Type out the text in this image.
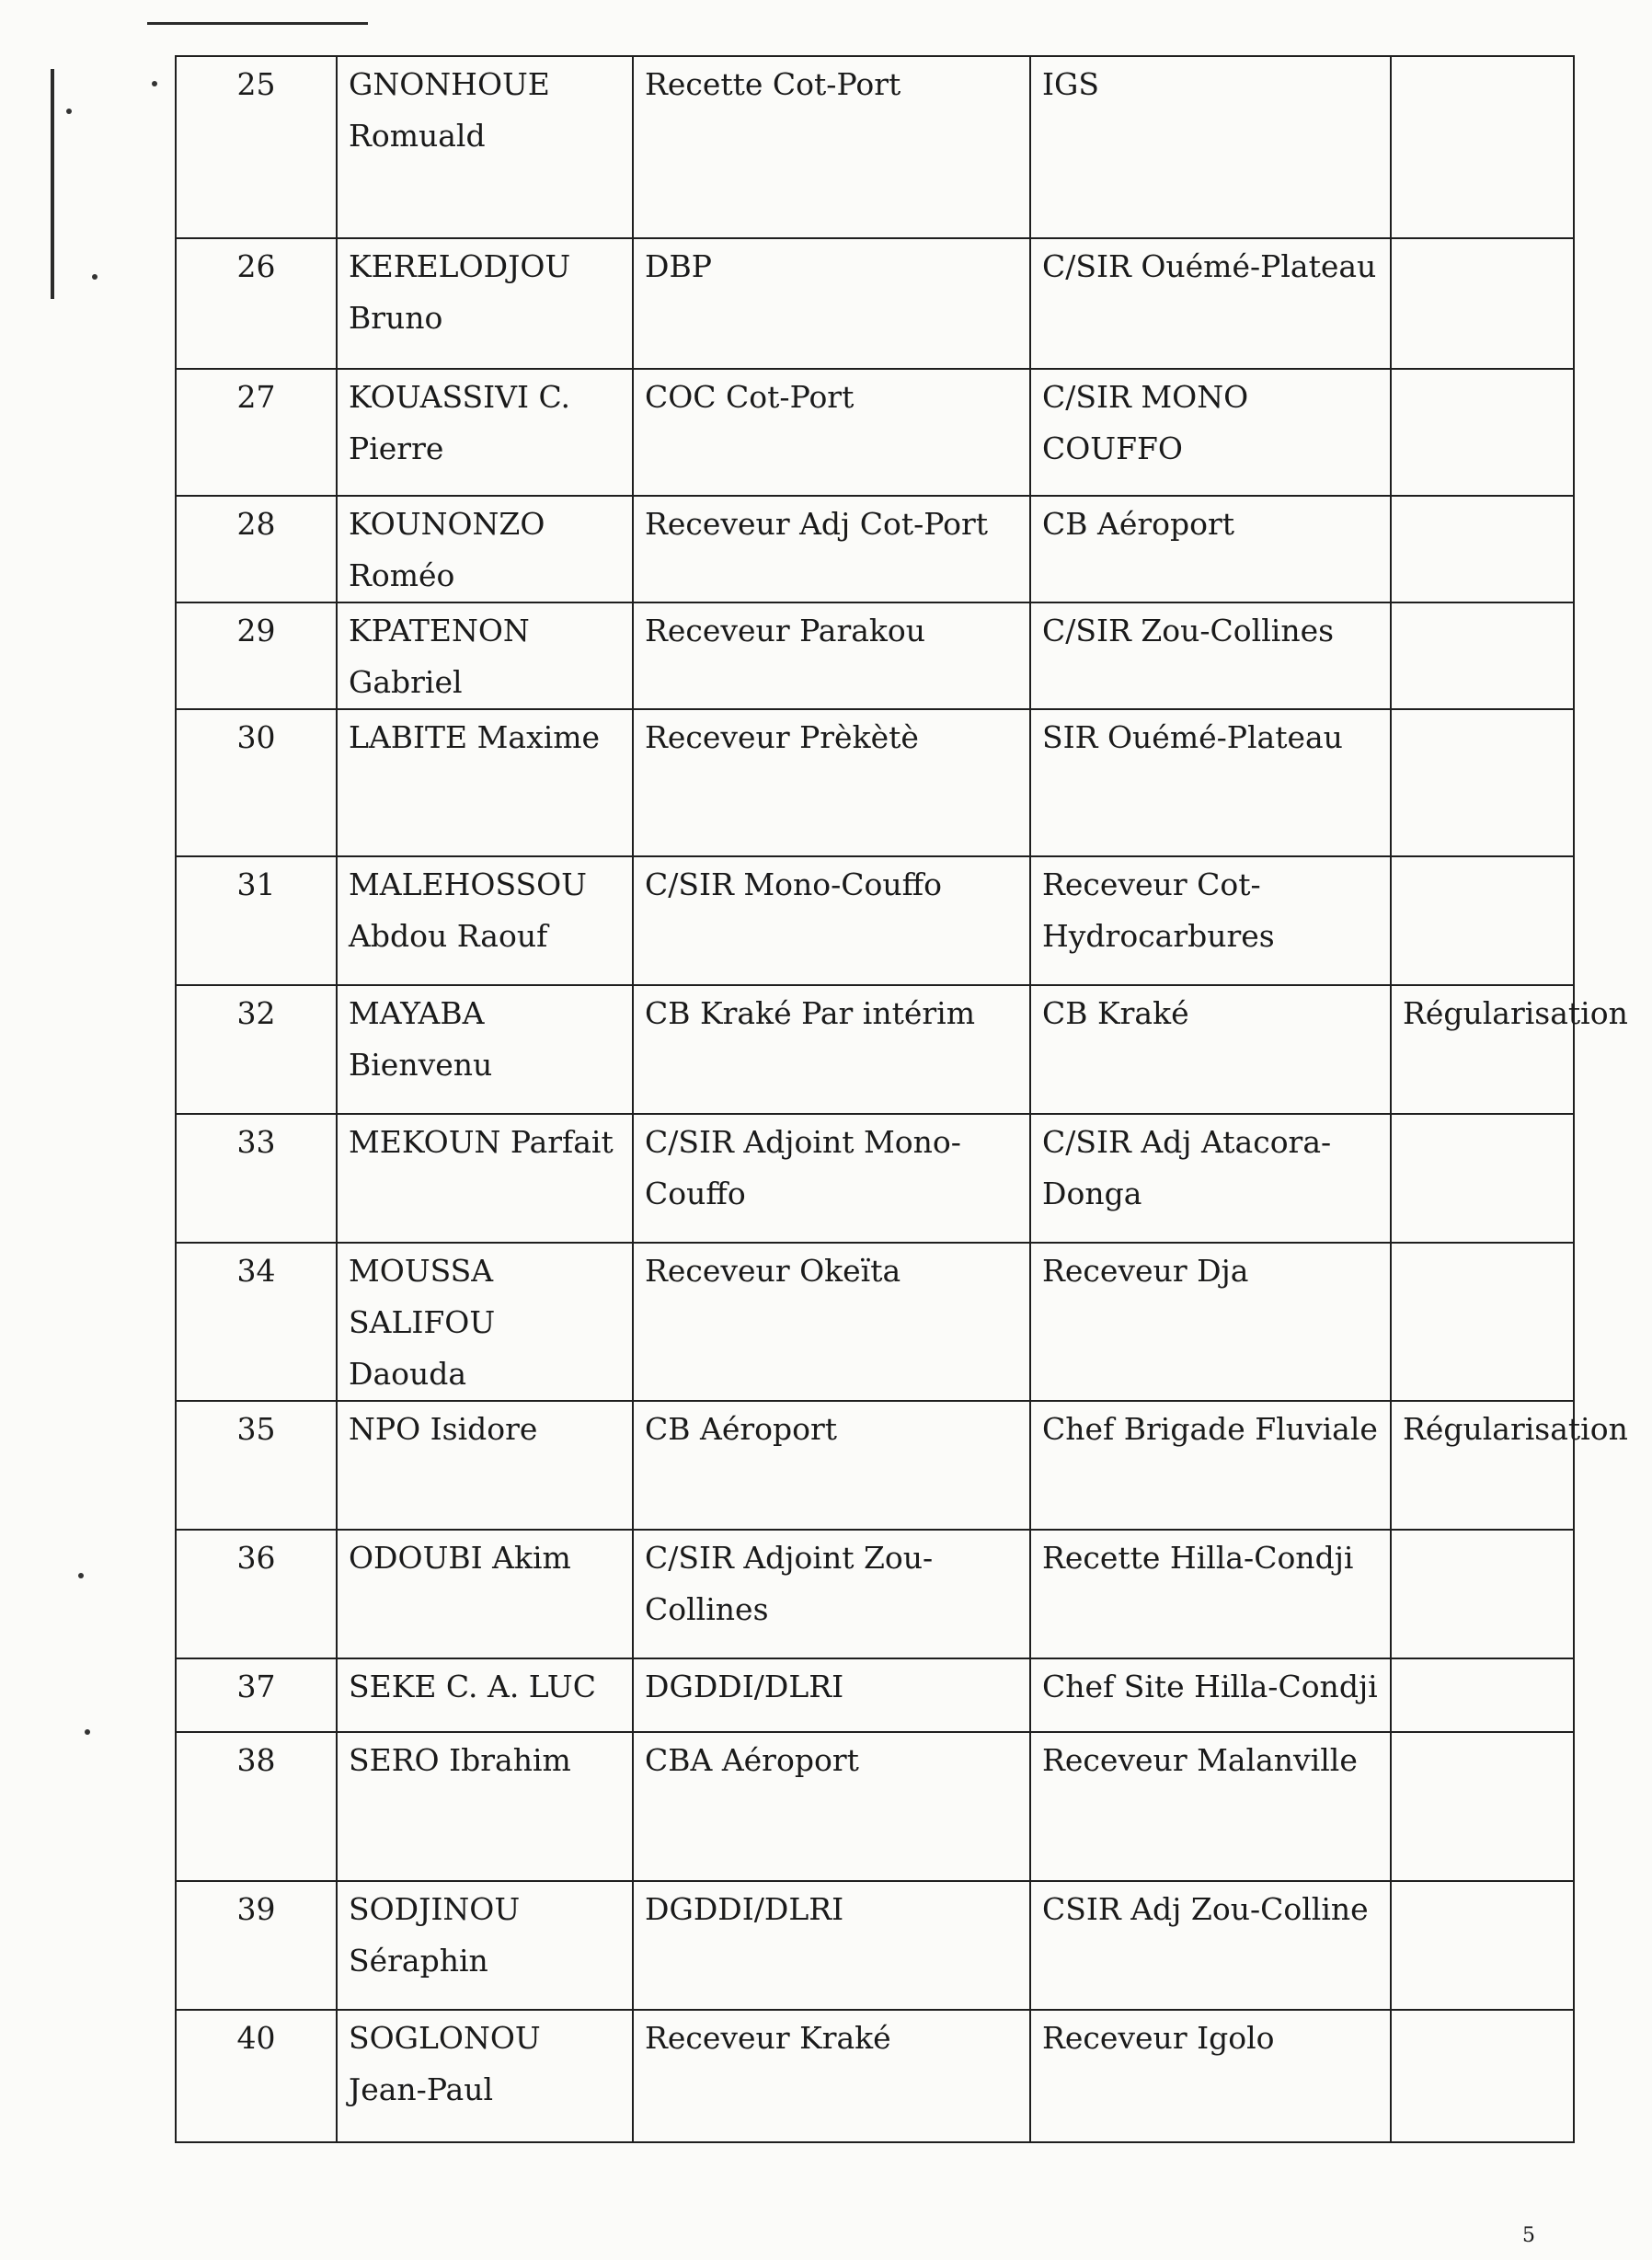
25	GNONHOUE Romuald	Recette Cot-Port	IGS	
26	KERELODJOU Bruno	DBP	C/SIR Ouémé-Plateau	
27	KOUASSIVI C. Pierre	COC Cot-Port	C/SIR MONO COUFFO	
28	KOUNONZO Roméo	Receveur Adj Cot-Port	CB Aéroport	
29	KPATENON Gabriel	Receveur Parakou	C/SIR Zou-Collines	
30	LABITE Maxime	Receveur Prèkètè	SIR Ouémé-Plateau	
31	MALEHOSSOU Abdou Raouf	C/SIR Mono-Couffo	Receveur Cot-Hydrocarbures	
32	MAYABA Bienvenu	CB Kraké Par intérim	CB Kraké	Régularisation
33	MEKOUN Parfait	C/SIR Adjoint Mono-Couffo	C/SIR Adj Atacora-Donga	
34	MOUSSA SALIFOU Daouda	Receveur Okeïta	Receveur Dja	
35	NPO Isidore	CB Aéroport	Chef Brigade Fluviale	Régularisation
36	ODOUBI Akim	C/SIR Adjoint Zou-Collines	Recette Hilla-Condji	
37	SEKE C. A. LUC	DGDDI/DLRI	Chef Site Hilla-Condji	
38	SERO Ibrahim	CBA Aéroport	Receveur Malanville	
39	SODJINOU Séraphin	DGDDI/DLRI	CSIR Adj Zou-Colline	
40	SOGLONOU Jean-Paul	Receveur Kraké	Receveur Igolo	
5
